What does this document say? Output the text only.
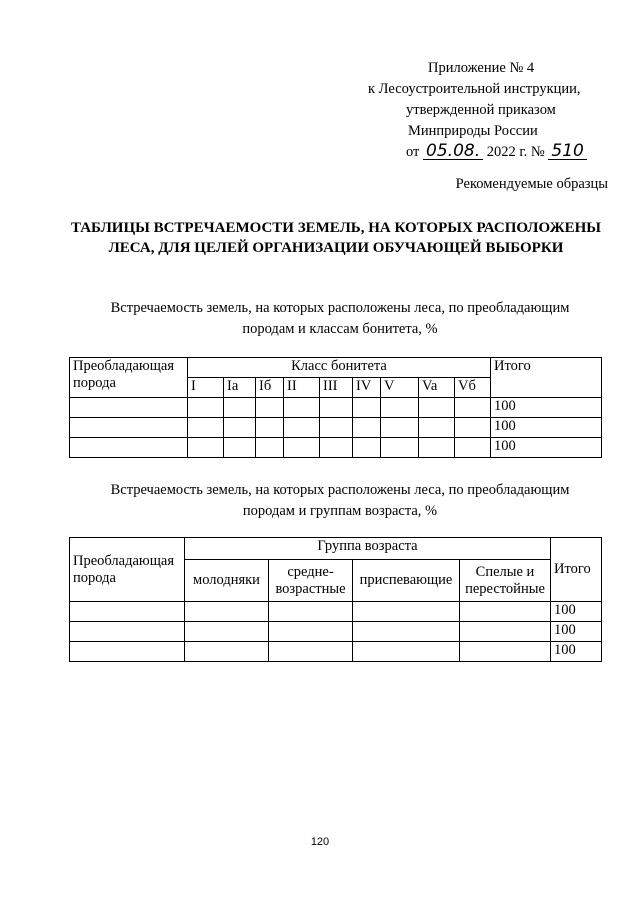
Приложение № 4
к Лесоустроительной инструкции,
утвержденной приказом
Минприроды России
от 05.08. 2022 г. № 510
Рекомендуемые образцы
ТАБЛИЦЫ ВСТРЕЧАЕМОСТИ ЗЕМЕЛЬ, НА КОТОРЫХ РАСПОЛОЖЕНЫ ЛЕСА, ДЛЯ ЦЕЛЕЙ ОРГАНИЗАЦИИ ОБУЧАЮЩЕЙ ВЫБОРКИ
Встречаемость земель, на которых расположены леса, по преобладающим
породам и классам бонитета, %
Преобладающая порода	Класс бонитета									Итого
	I	Ia	Iб	II	III	IV	V	Va	Vб	
										100
										100
										100
Встречаемость земель, на которых расположены леса, по преобладающим
породам и группам возраста, %
Преобладающая порода	Группа возраста				Итого
	молодняки	средне-возрастные	приспевающие	Спелые и перестойные	
					100
					100
					100
120
